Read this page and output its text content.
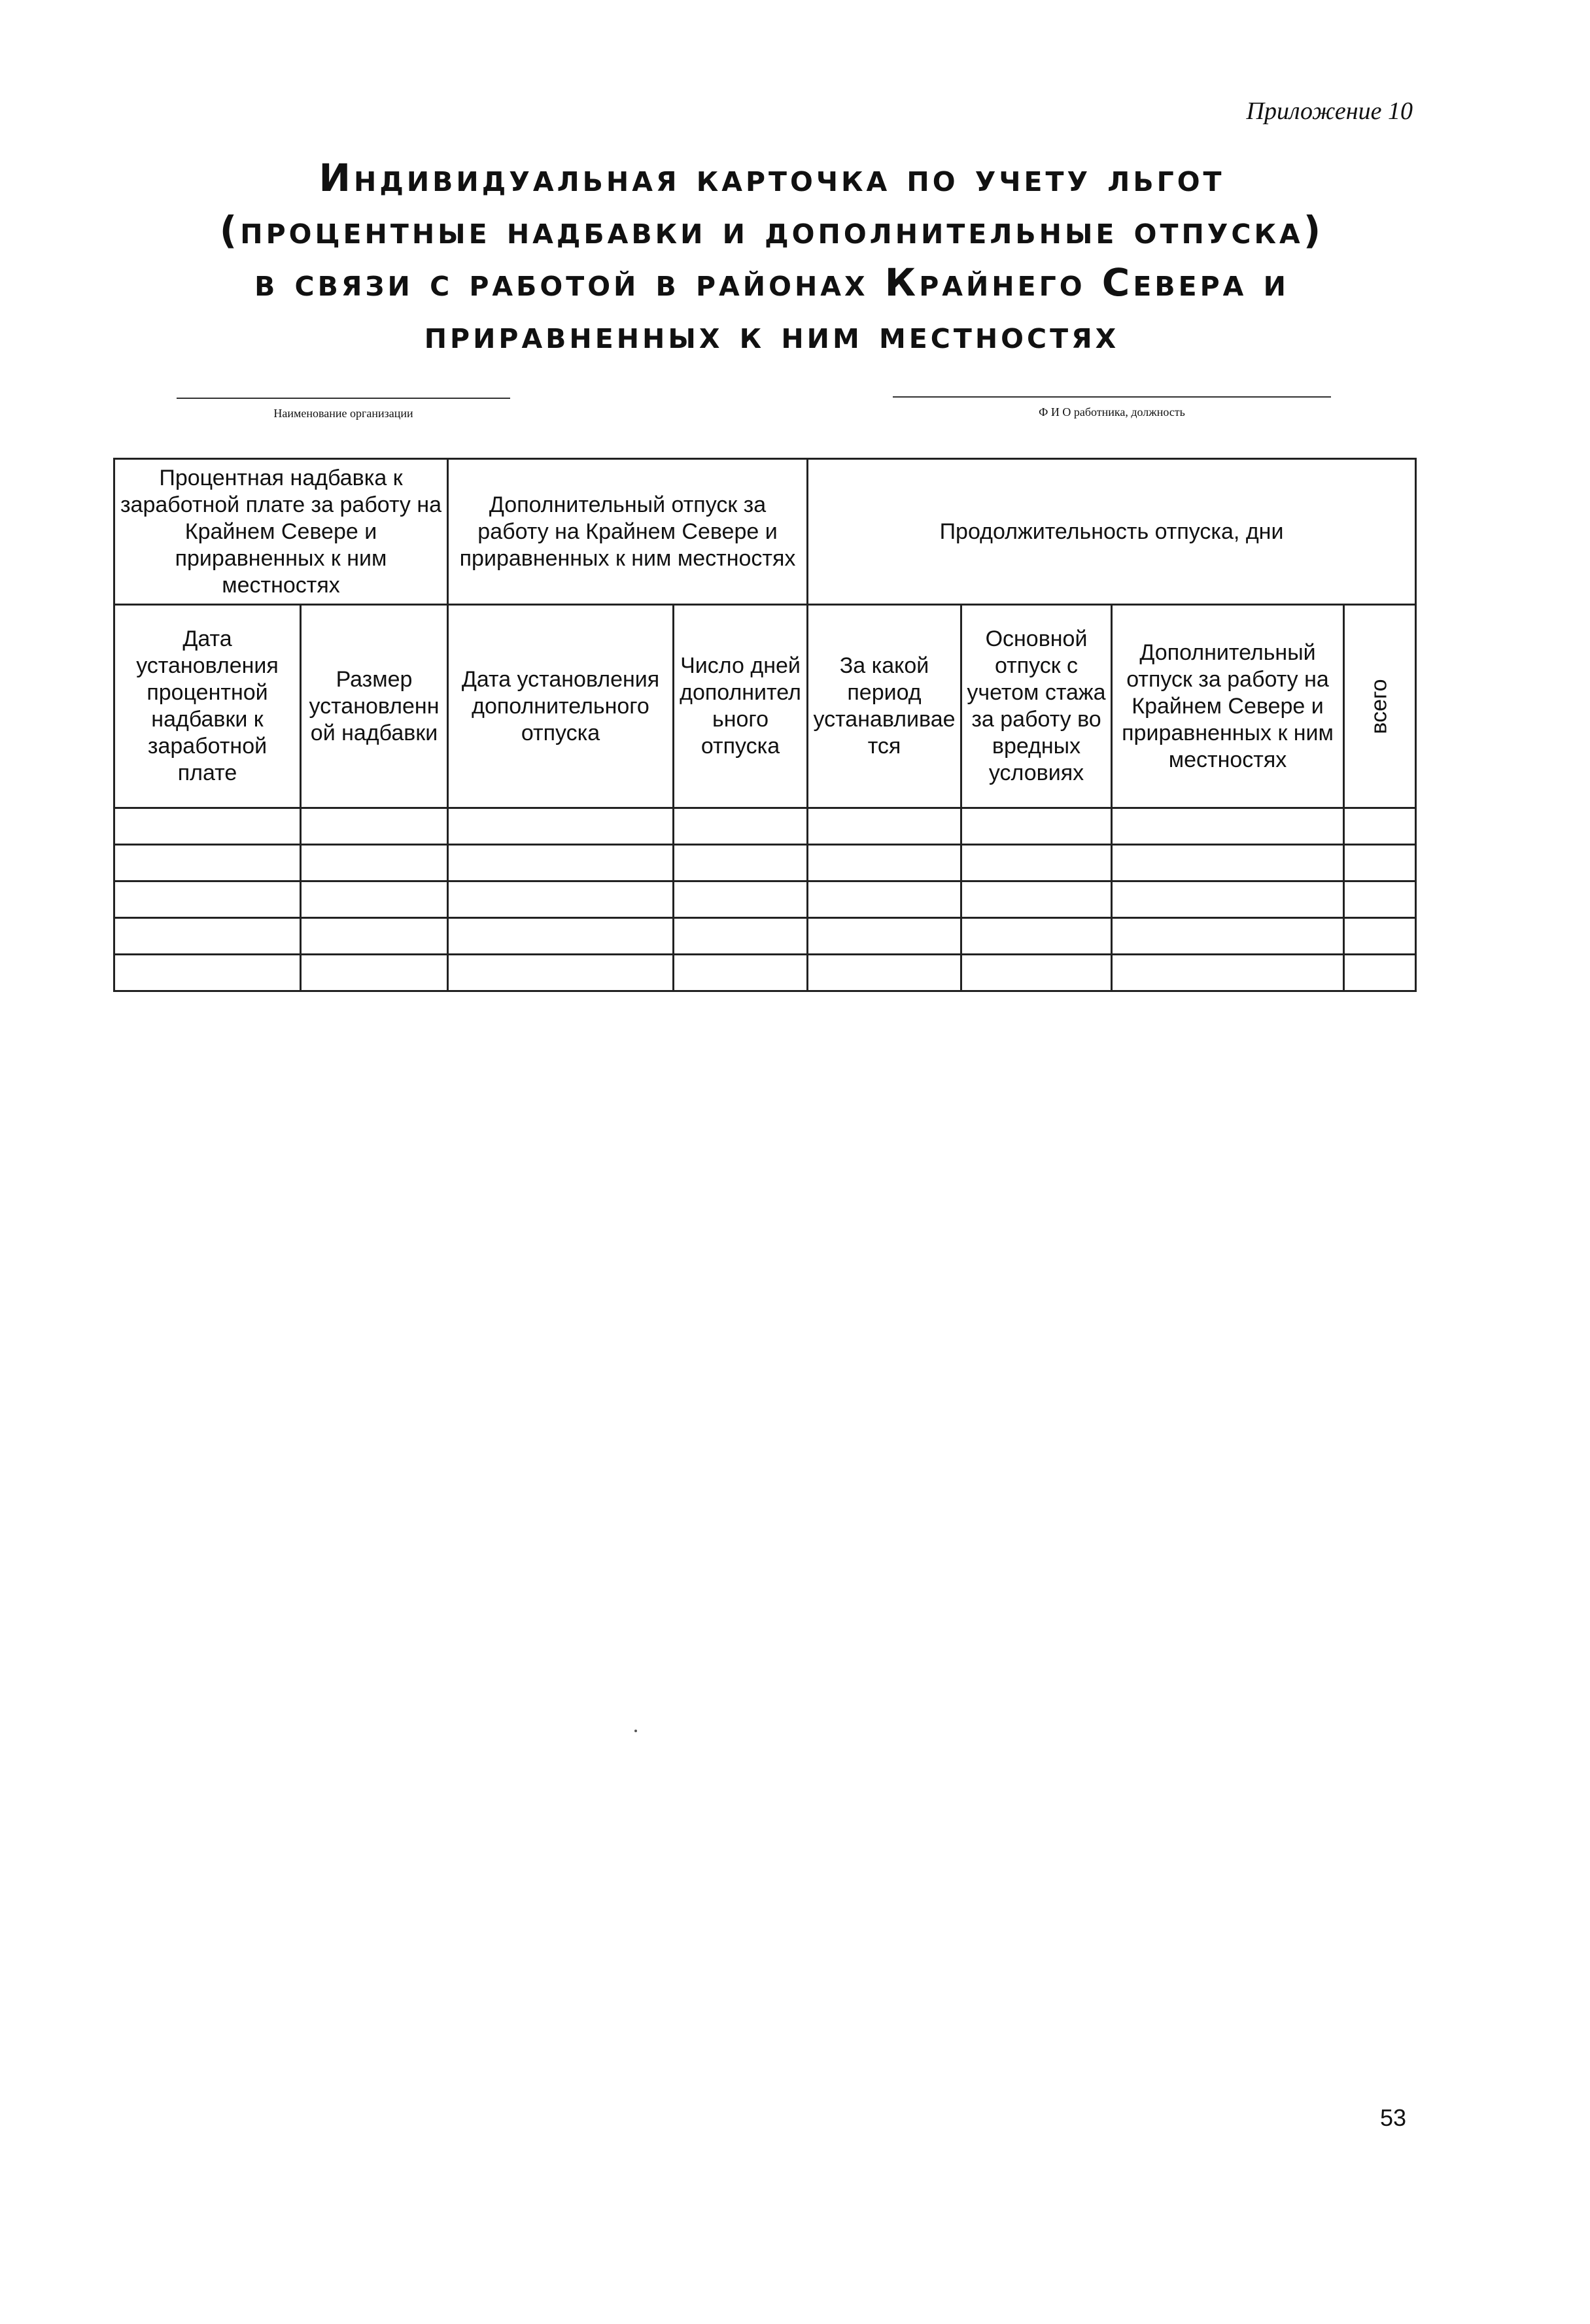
Приложение 10
Индивидуальная карточка по учету льгот
(процентные надбавки и дополнительные отпуска)
в связи с работой в районах Крайнего Севера и
приравненных к ним местностях
Наименование организации	Ф И О работника, должность
Процентная надбавка к заработной плате за работу на Крайнем Севере и приравненных к ним местностях		Дополнительный отпуск за работу на Крайнем Севере и приравненных к ним местностях		Продолжительность отпуска, дни			
Дата установления процентной надбавки к заработной плате	Размер установленной надбавки	Дата установления дополнительного отпуска	Число дней дополнительного отпуска	За какой период устанавливается	Основной отпуск с учетом стажа за работу во вредных условиях	Дополнительный отпуск за работу на Крайнем Севере и приравненных к ним местностях	всего

53
